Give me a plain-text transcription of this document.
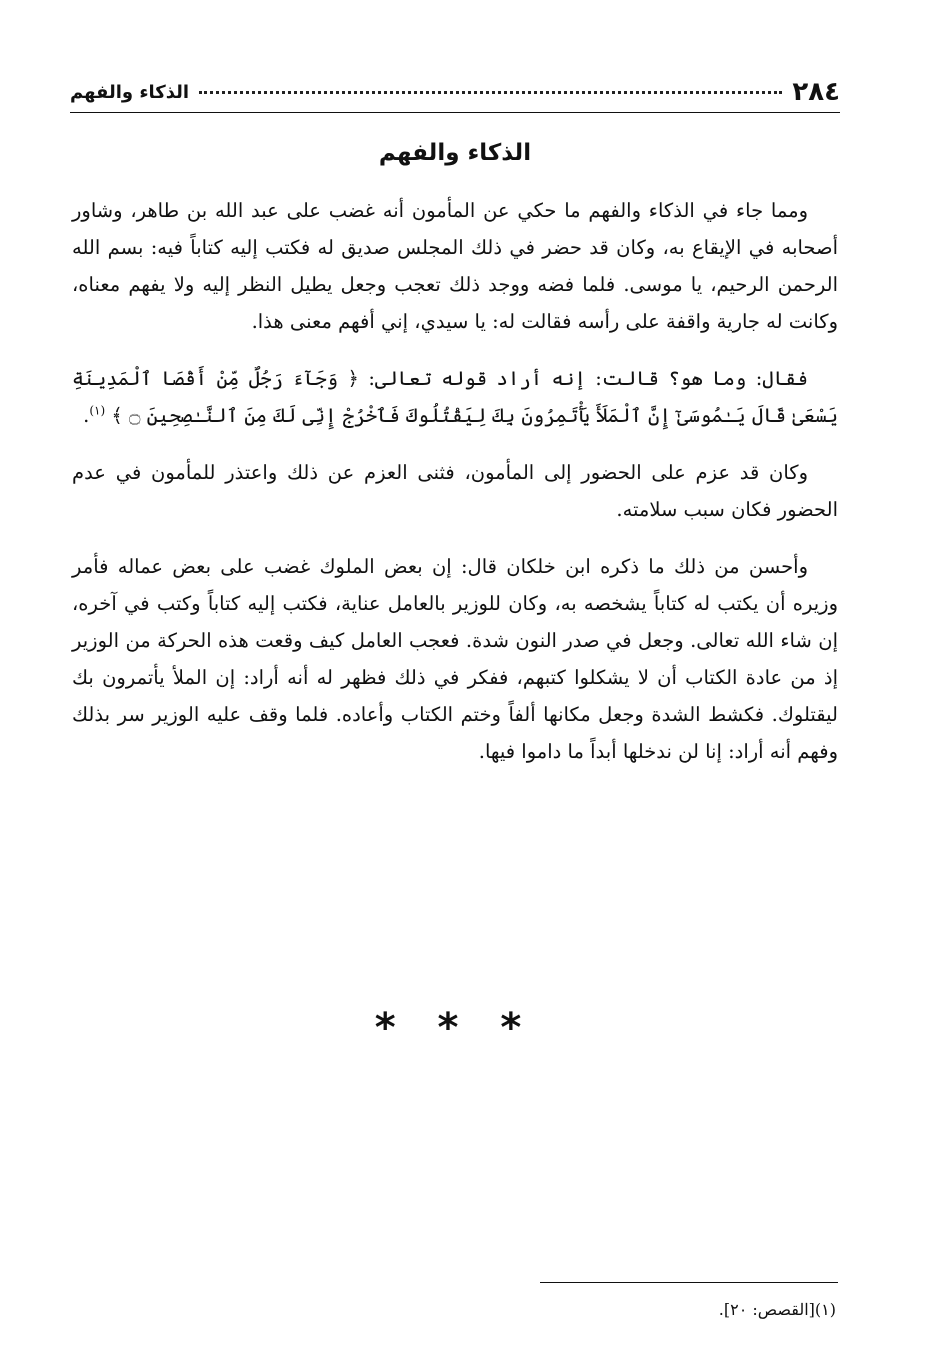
٢٨٤
الذكاء والفهم
الذكاء والفهم

ومما جاء في الذكاء والفهم ما حكي عن المأمون أنه غضب على عبد الله بن طاهر، وشاور أصحابه في الإيقاع به، وكان قد حضر في ذلك المجلس صديق له فكتب إليه كتاباً فيه: بسم الله الرحمن الرحيم، يا موسى. فلما فضه ووجد ذلك تعجب وجعل يطيل النظر إليه ولا يفهم معناه، وكانت له جارية واقفة على رأسه فقالت له: يا سيدي، إني أفهم معنى هذا.

فقال: وما هو؟ قالت: إنه أراد قوله تعالى: ﴿ وَجَآءَ رَجُلٌ مِّنْ أَقْصَا ٱلْمَدِينَةِ يَسْعَىٰ قَالَ يَـٰمُوسَىٰٓ إِنَّ ٱلْمَلَأَ يَأْتَمِرُونَ بِكَ لِيَقْتُلُوكَ فَٱخْرُجْ إِنِّى لَكَ مِنَ ٱلنَّـٰصِحِينَ ۝ ﴾ $^{(١)}$.

وكان قد عزم على الحضور إلى المأمون، فثنى العزم عن ذلك واعتذر للمأمون في عدم الحضور فكان سبب سلامته.

وأحسن من ذلك ما ذكره ابن خلكان قال: إن بعض الملوك غضب على بعض عماله فأمر وزيره أن يكتب له كتاباً يشخصه به، وكان للوزير بالعامل عناية، فكتب إليه كتاباً وكتب في آخره، إن شاء الله تعالى. وجعل في صدر النون شدة. فعجب العامل كيف وقعت هذه الحركة من الوزير إذ من عادة الكتاب أن لا يشكلوا كتبهم، ففكر في ذلك فظهر له أنه أراد: إن الملأ يأتمرون بك ليقتلوك. فكشط الشدة وجعل مكانها ألفاً وختم الكتاب وأعاده. فلما وقف عليه الوزير سر بذلك وفهم أنه أراد: إنا لن ندخلها أبداً ما داموا فيها.

* * *
(١)[القصص: ٢٠].
